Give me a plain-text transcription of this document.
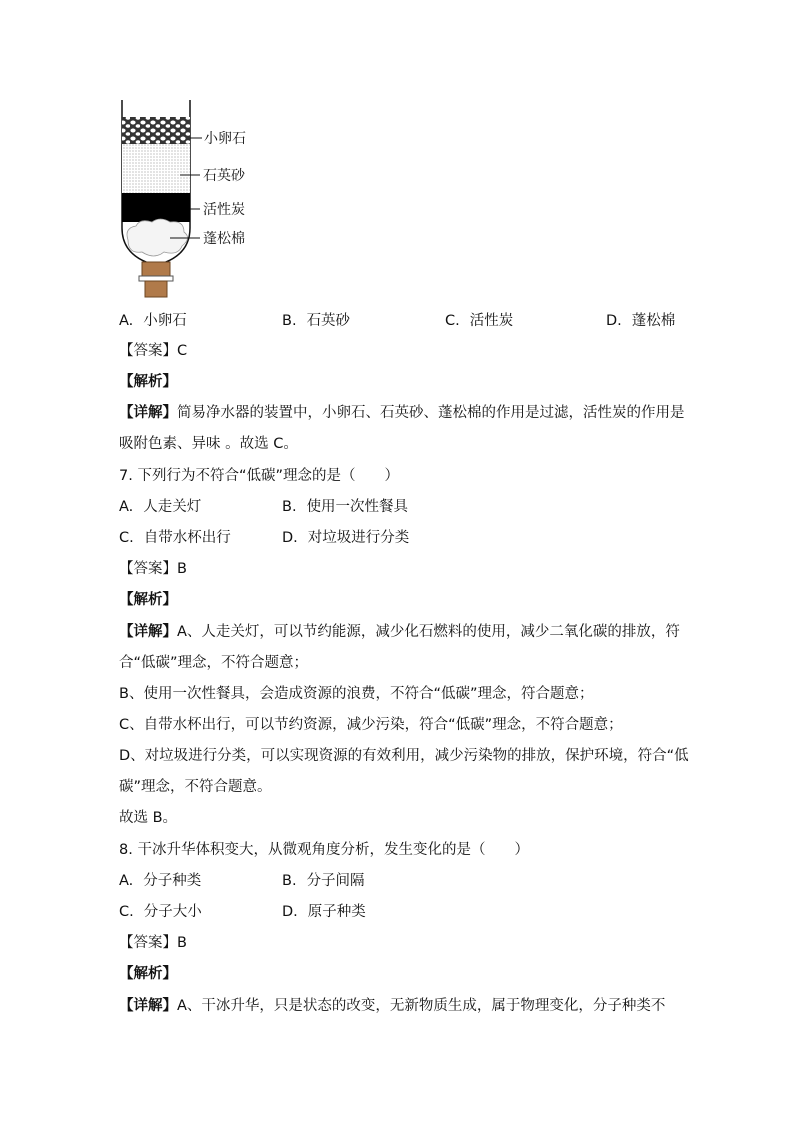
小卵石
石英砂
活性炭
蓬松棉
A. 小卵石	B. 石英砂	C. 活性炭	D. 蓬松棉
【答案】C
【解析】
【详解】简易净水器的装置中，小卵石、石英砂、蓬松棉的作用是过滤，活性炭的作用是
吸附色素、异味 。故选 C。
7. 下列行为不符合“低碳”理念的是（　　）
A. 人走关灯	B. 使用一次性餐具
C. 自带水杯出行	D. 对垃圾进行分类
【答案】B
【解析】
【详解】A、人走关灯，可以节约能源，减少化石燃料的使用，减少二氧化碳的排放，符
合“低碳”理念，不符合题意；
B、使用一次性餐具，会造成资源的浪费，不符合“低碳”理念，符合题意；
C、自带水杯出行，可以节约资源，减少污染，符合“低碳”理念，不符合题意；
D、对垃圾进行分类，可以实现资源的有效利用，减少污染物的排放，保护环境，符合“低
碳”理念，不符合题意。
故选 B。
8. 干冰升华体积变大，从微观角度分析，发生变化的是（　　）
A. 分子种类	B. 分子间隔
C. 分子大小	D. 原子种类
【答案】B
【解析】
【详解】A、干冰升华，只是状态的改变，无新物质生成，属于物理变化，分子种类不
